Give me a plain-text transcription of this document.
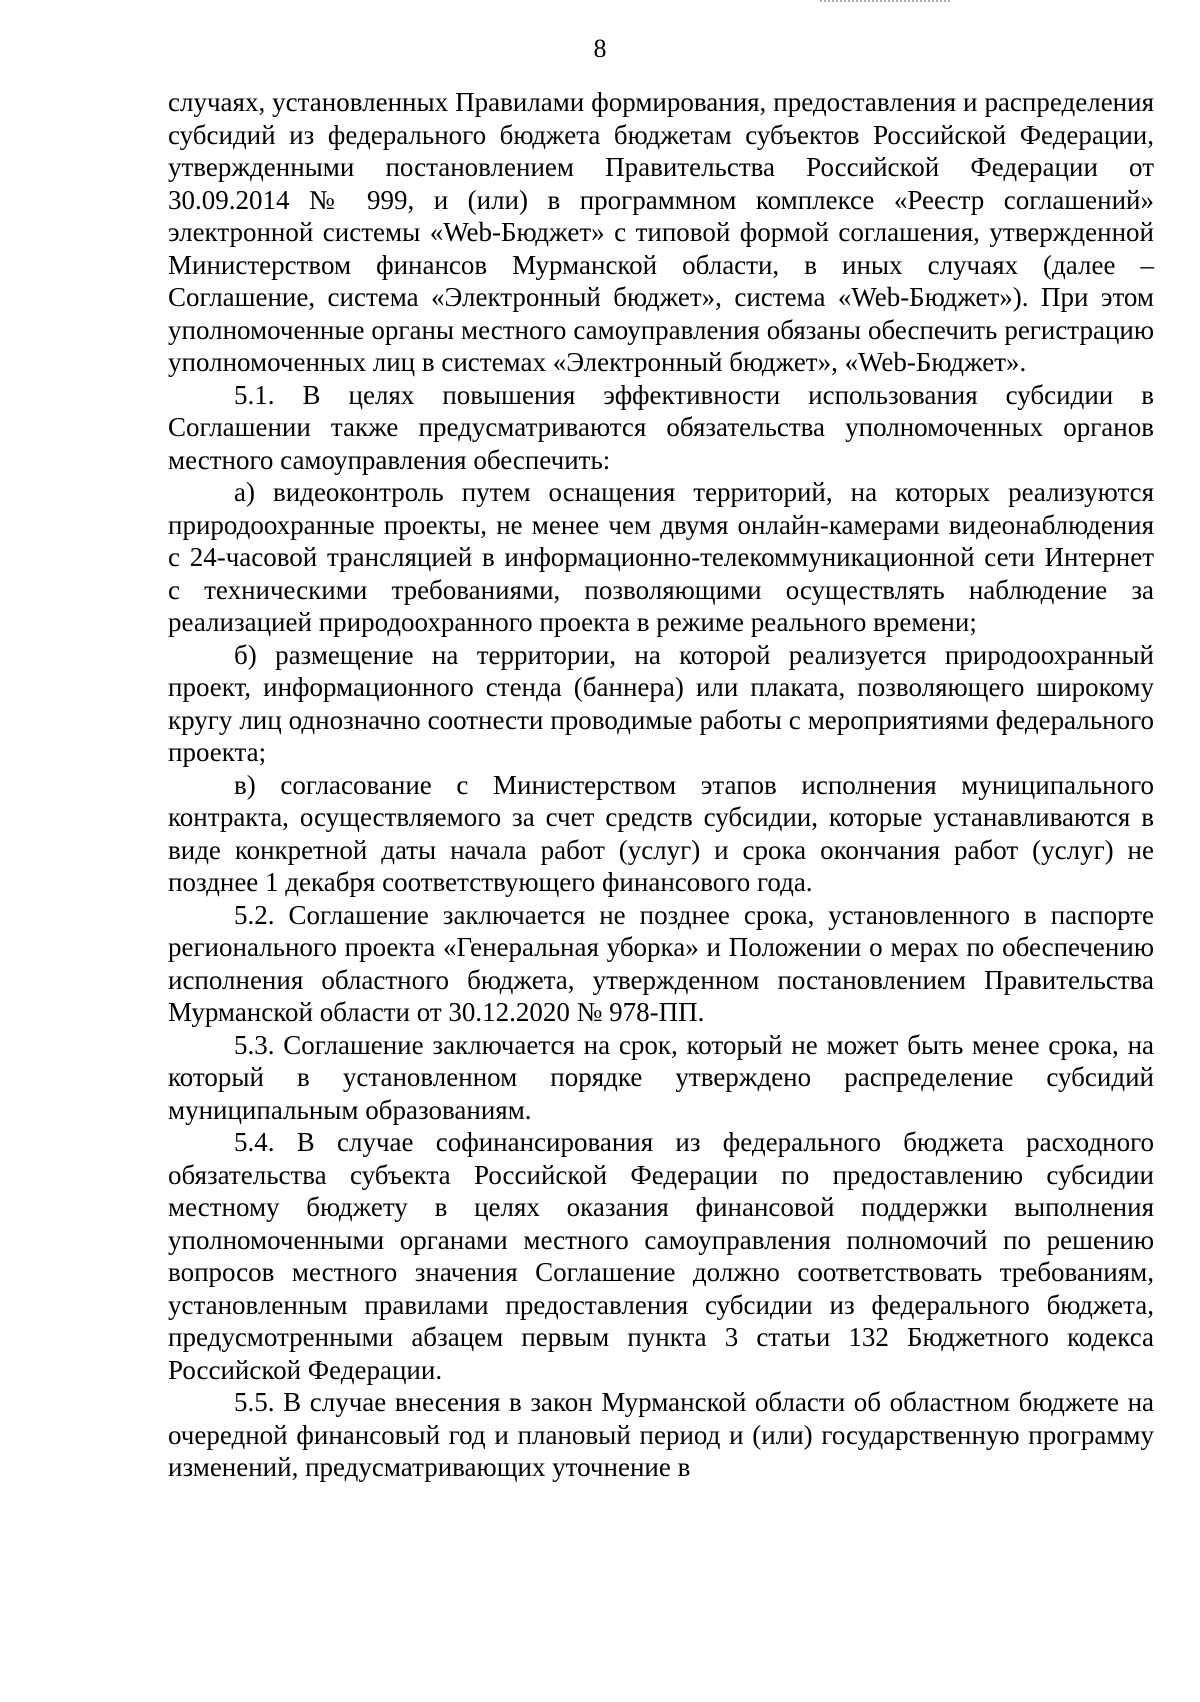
8

случаях, установленных Правилами формирования, предоставления и распределения субсидий из федерального бюджета бюджетам субъектов Российской Федерации, утвержденными постановлением Правительства Российской Федерации от 30.09.2014 № 999, и (или) в программном комплексе «Реестр соглашений» электронной системы «Web-Бюджет» с типовой формой соглашения, утвержденной Министерством финансов Мурманской области, в иных случаях (далее – Соглашение, система «Электронный бюджет», система «Web-Бюджет»). При этом уполномоченные органы местного самоуправления обязаны обеспечить регистрацию уполномоченных лиц в системах «Электронный бюджет», «Web-Бюджет».

5.1. В целях повышения эффективности использования субсидии в Соглашении также предусматриваются обязательства уполномоченных органов местного самоуправления обеспечить:

а) видеоконтроль путем оснащения территорий, на которых реализуются природоохранные проекты, не менее чем двумя онлайн-камерами видеонаблюдения с 24-часовой трансляцией в информационно-телекоммуникационной сети Интернет с техническими требованиями, позволяющими осуществлять наблюдение за реализацией природоохранного проекта в режиме реального времени;

б) размещение на территории, на которой реализуется природоохранный проект, информационного стенда (баннера) или плаката, позволяющего широкому кругу лиц однозначно соотнести проводимые работы с мероприятиями федерального проекта;

в) согласование с Министерством этапов исполнения муниципального контракта, осуществляемого за счет средств субсидии, которые устанавливаются в виде конкретной даты начала работ (услуг) и срока окончания работ (услуг) не позднее 1 декабря соответствующего финансового года.

5.2. Соглашение заключается не позднее срока, установленного в паспорте регионального проекта «Генеральная уборка» и Положении о мерах по обеспечению исполнения областного бюджета, утвержденном постановлением Правительства Мурманской области от 30.12.2020 № 978-ПП.

5.3. Соглашение заключается на срок, который не может быть менее срока, на который в установленном порядке утверждено распределение субсидий муниципальным образованиям.

5.4. В случае софинансирования из федерального бюджета расходного обязательства субъекта Российской Федерации по предоставлению субсидии местному бюджету в целях оказания финансовой поддержки выполнения уполномоченными органами местного самоуправления полномочий по решению вопросов местного значения Соглашение должно соответствовать требованиям, установленным правилами предоставления субсидии из федерального бюджета, предусмотренными абзацем первым пункта 3 статьи 132 Бюджетного кодекса Российской Федерации.

5.5. В случае внесения в закон Мурманской области об областном бюджете на очередной финансовый год и плановый период и (или) государственную программу изменений, предусматривающих уточнение в
